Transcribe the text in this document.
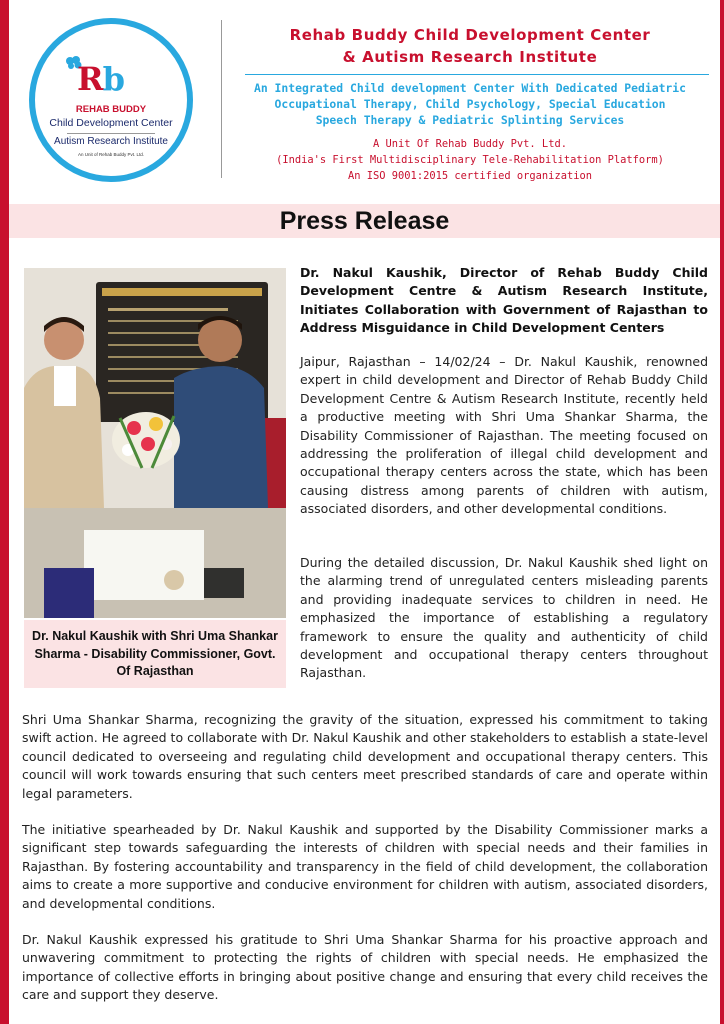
Rb
REHAB BUDDY
Child Development Center
Autism Research Institute
An Unit of Rehab Buddy Pvt. Ltd.
Rehab Buddy Child Development Center
& Autism Research Institute
An Integrated Child development Center With Dedicated Pediatric
Occupational Therapy, Child Psychology, Special Education
Speech Therapy & Pediatric Splinting Services
A Unit Of Rehab Buddy Pvt. Ltd.
(India's First Multidisciplinary Tele-Rehabilitation Platform)
An ISO 9001:2015 certified organization
Press Release
Dr. Nakul Kaushik with Shri Uma Shankar Sharma - Disability Commissioner, Govt. Of Rajasthan
Dr. Nakul Kaushik, Director of Rehab Buddy Child Development Centre & Autism Research Institute, Initiates Collaboration with Government of Rajasthan to Address Misguidance in Child Development Centers

Jaipur, Rajasthan – 14/02/24 – Dr. Nakul Kaushik, renowned expert in child development and Director of Rehab Buddy Child Development Centre & Autism Research Institute, recently held a productive meeting with Shri Uma Shankar Sharma, the Disability Commissioner of Rajasthan. The meeting focused on addressing the proliferation of illegal child development and occupational therapy centers across the state, which has been causing distress among parents of children with autism, associated disorders, and other developmental conditions.

During the detailed discussion, Dr. Nakul Kaushik shed light on the alarming trend of unregulated centers misleading parents and providing inadequate services to children in need. He emphasized the importance of establishing a regulatory framework to ensure the quality and authenticity of child development and occupational therapy centers throughout Rajasthan.

Shri Uma Shankar Sharma, recognizing the gravity of the situation, expressed his commitment to taking swift action. He agreed to collaborate with Dr. Nakul Kaushik and other stakeholders to establish a state-level council dedicated to overseeing and regulating child development and occupational therapy centers. This council will work towards ensuring that such centers meet prescribed standards of care and operate within legal parameters.

The initiative spearheaded by Dr. Nakul Kaushik and supported by the Disability Commissioner marks a significant step towards safeguarding the interests of children with special needs and their families in Rajasthan. By fostering accountability and transparency in the field of child development, the collaboration aims to create a more supportive and conducive environment for children with autism, associated disorders, and developmental conditions.

Dr. Nakul Kaushik expressed his gratitude to Shri Uma Shankar Sharma for his proactive approach and unwavering commitment to protecting the rights of children with special needs. He emphasized the importance of collective efforts in bringing about positive change and ensuring that every child receives the care and support they deserve.
